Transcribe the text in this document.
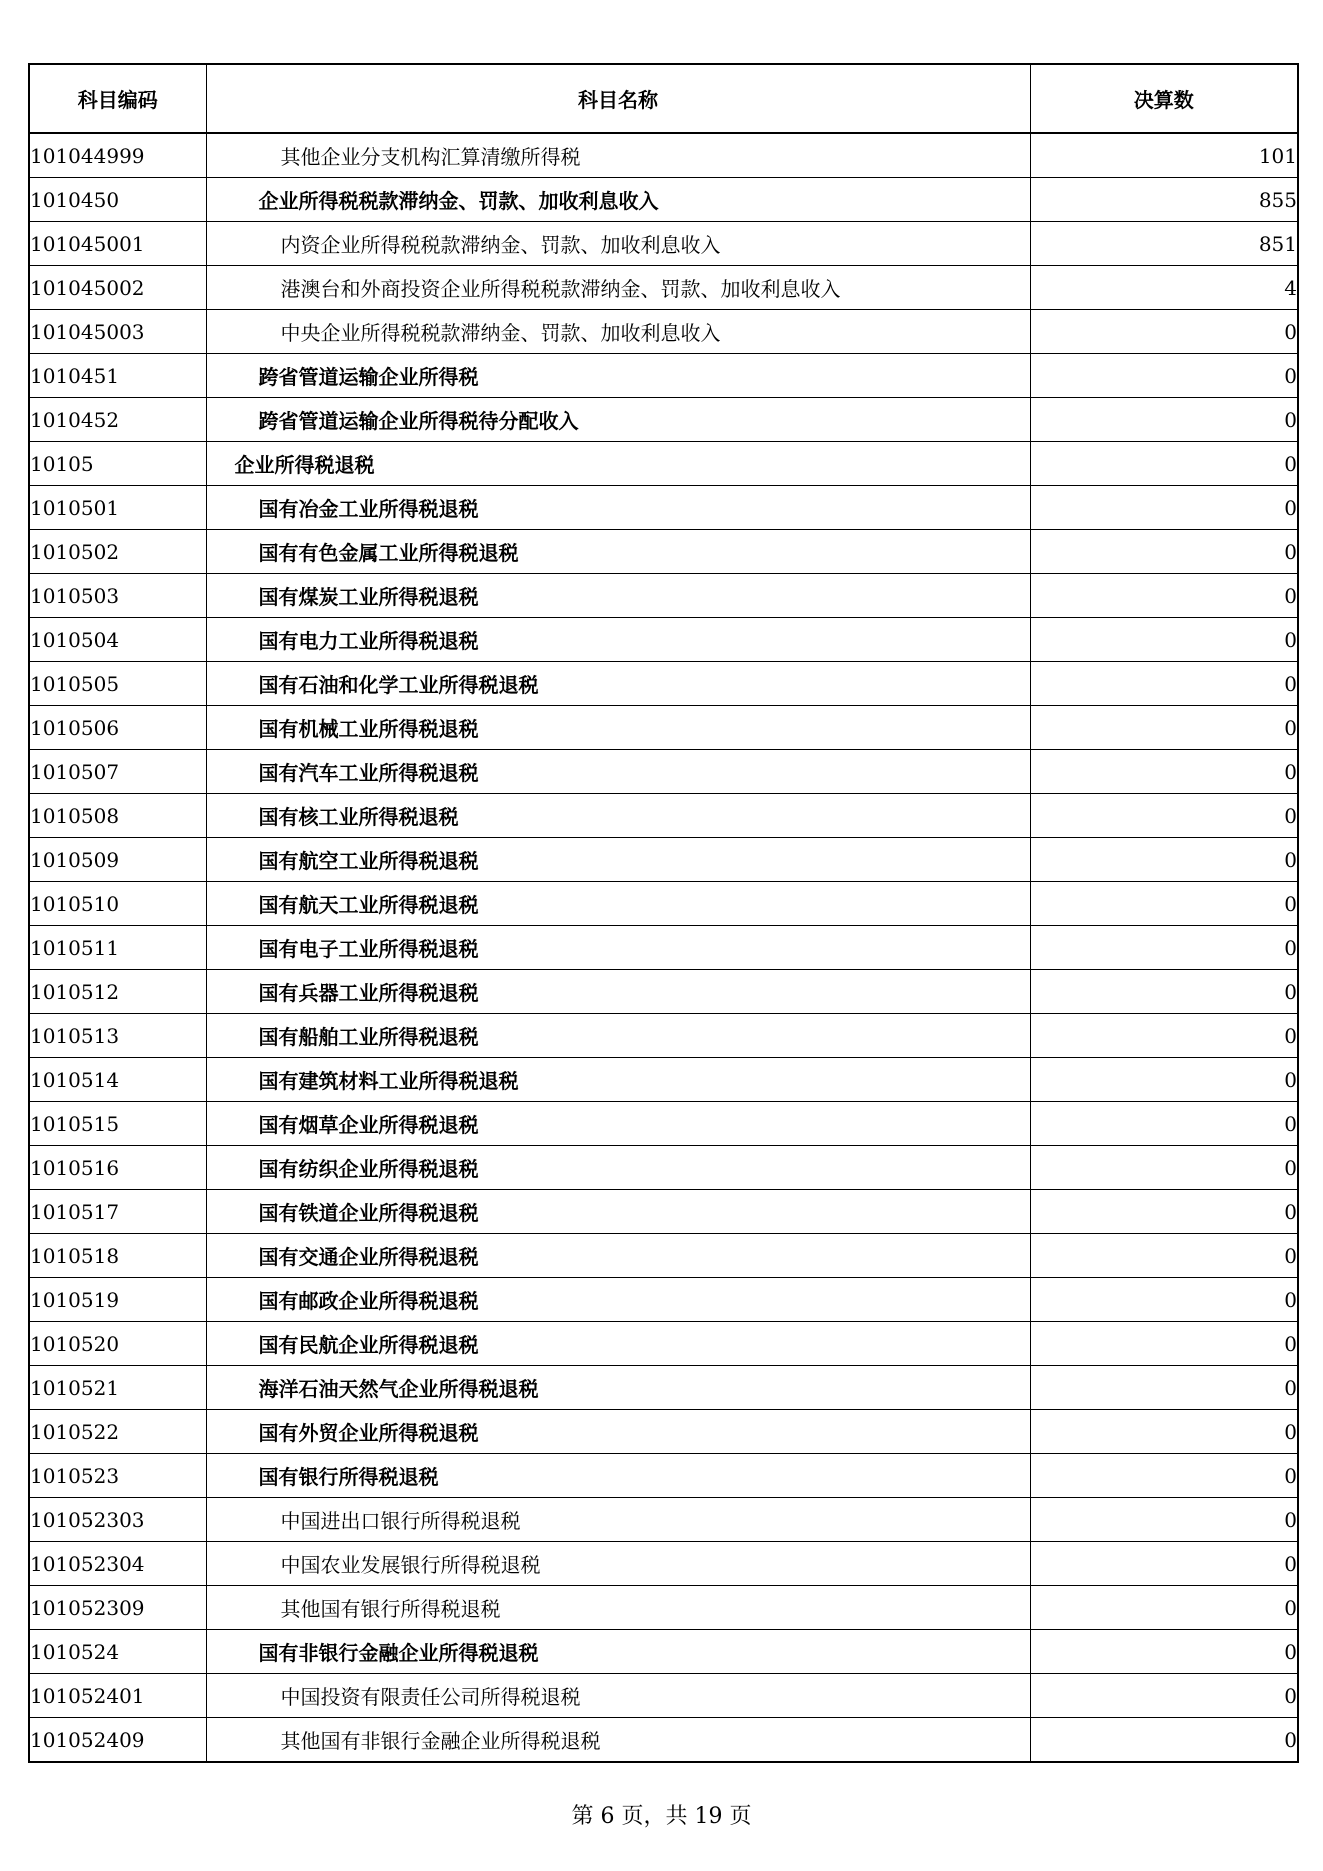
科目编码	科目名称	决算数
101044999	其他企业分支机构汇算清缴所得税	101
1010450	企业所得税税款滞纳金、罚款、加收利息收入	855
101045001	内资企业所得税税款滞纳金、罚款、加收利息收入	851
101045002	港澳台和外商投资企业所得税税款滞纳金、罚款、加收利息收入	4
101045003	中央企业所得税税款滞纳金、罚款、加收利息收入	0
1010451	跨省管道运输企业所得税	0
1010452	跨省管道运输企业所得税待分配收入	0
10105	企业所得税退税	0
1010501	国有冶金工业所得税退税	0
1010502	国有有色金属工业所得税退税	0
1010503	国有煤炭工业所得税退税	0
1010504	国有电力工业所得税退税	0
1010505	国有石油和化学工业所得税退税	0
1010506	国有机械工业所得税退税	0
1010507	国有汽车工业所得税退税	0
1010508	国有核工业所得税退税	0
1010509	国有航空工业所得税退税	0
1010510	国有航天工业所得税退税	0
1010511	国有电子工业所得税退税	0
1010512	国有兵器工业所得税退税	0
1010513	国有船舶工业所得税退税	0
1010514	国有建筑材料工业所得税退税	0
1010515	国有烟草企业所得税退税	0
1010516	国有纺织企业所得税退税	0
1010517	国有铁道企业所得税退税	0
1010518	国有交通企业所得税退税	0
1010519	国有邮政企业所得税退税	0
1010520	国有民航企业所得税退税	0
1010521	海洋石油天然气企业所得税退税	0
1010522	国有外贸企业所得税退税	0
1010523	国有银行所得税退税	0
101052303	中国进出口银行所得税退税	0
101052304	中国农业发展银行所得税退税	0
101052309	其他国有银行所得税退税	0
1010524	国有非银行金融企业所得税退税	0
101052401	中国投资有限责任公司所得税退税	0
101052409	其他国有非银行金融企业所得税退税	0
第 6 页，共 19 页
